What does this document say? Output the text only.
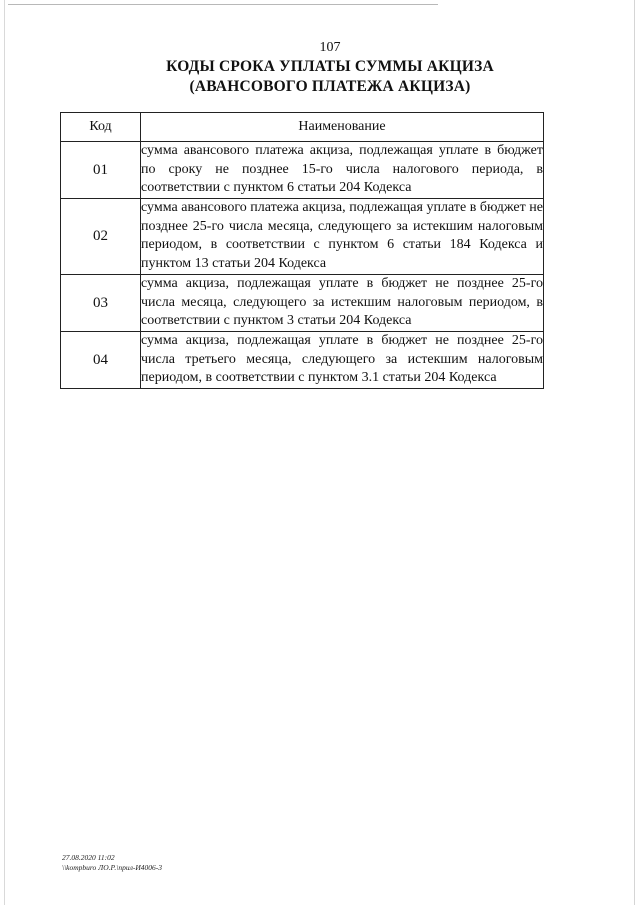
107
КОДЫ СРОКА УПЛАТЫ СУММЫ АКЦИЗА
(АВАНСОВОГО ПЛАТЕЖА АКЦИЗА)
Код	Наименование
01	сумма авансового платежа акциза, подлежащая уплате в бюджет по сроку не позднее 15-го числа налогового периода, в соответствии с пунктом 6 статьи 204 Кодекса
02	сумма авансового платежа акциза, подлежащая уплате в бюджет не позднее 25-го числа месяца, следующего за истекшим налоговым периодом, в соответствии с пунктом 6 статьи 184 Кодекса и пунктом 13 статьи 204 Кодекса
03	сумма акциза, подлежащая уплате в бюджет не позднее 25-го числа месяца, следующего за истекшим налоговым периодом, в соответствии с пунктом 3 статьи 204 Кодекса
04	сумма акциза, подлежащая уплате в бюджет не позднее 25-го числа третьего месяца, следующего за истекшим налоговым периодом, в соответствии с пунктом 3.1 статьи 204 Кодекса
27.08.2020 11:02
\\kompburo ЛО.Р.\прил-И4006-3
